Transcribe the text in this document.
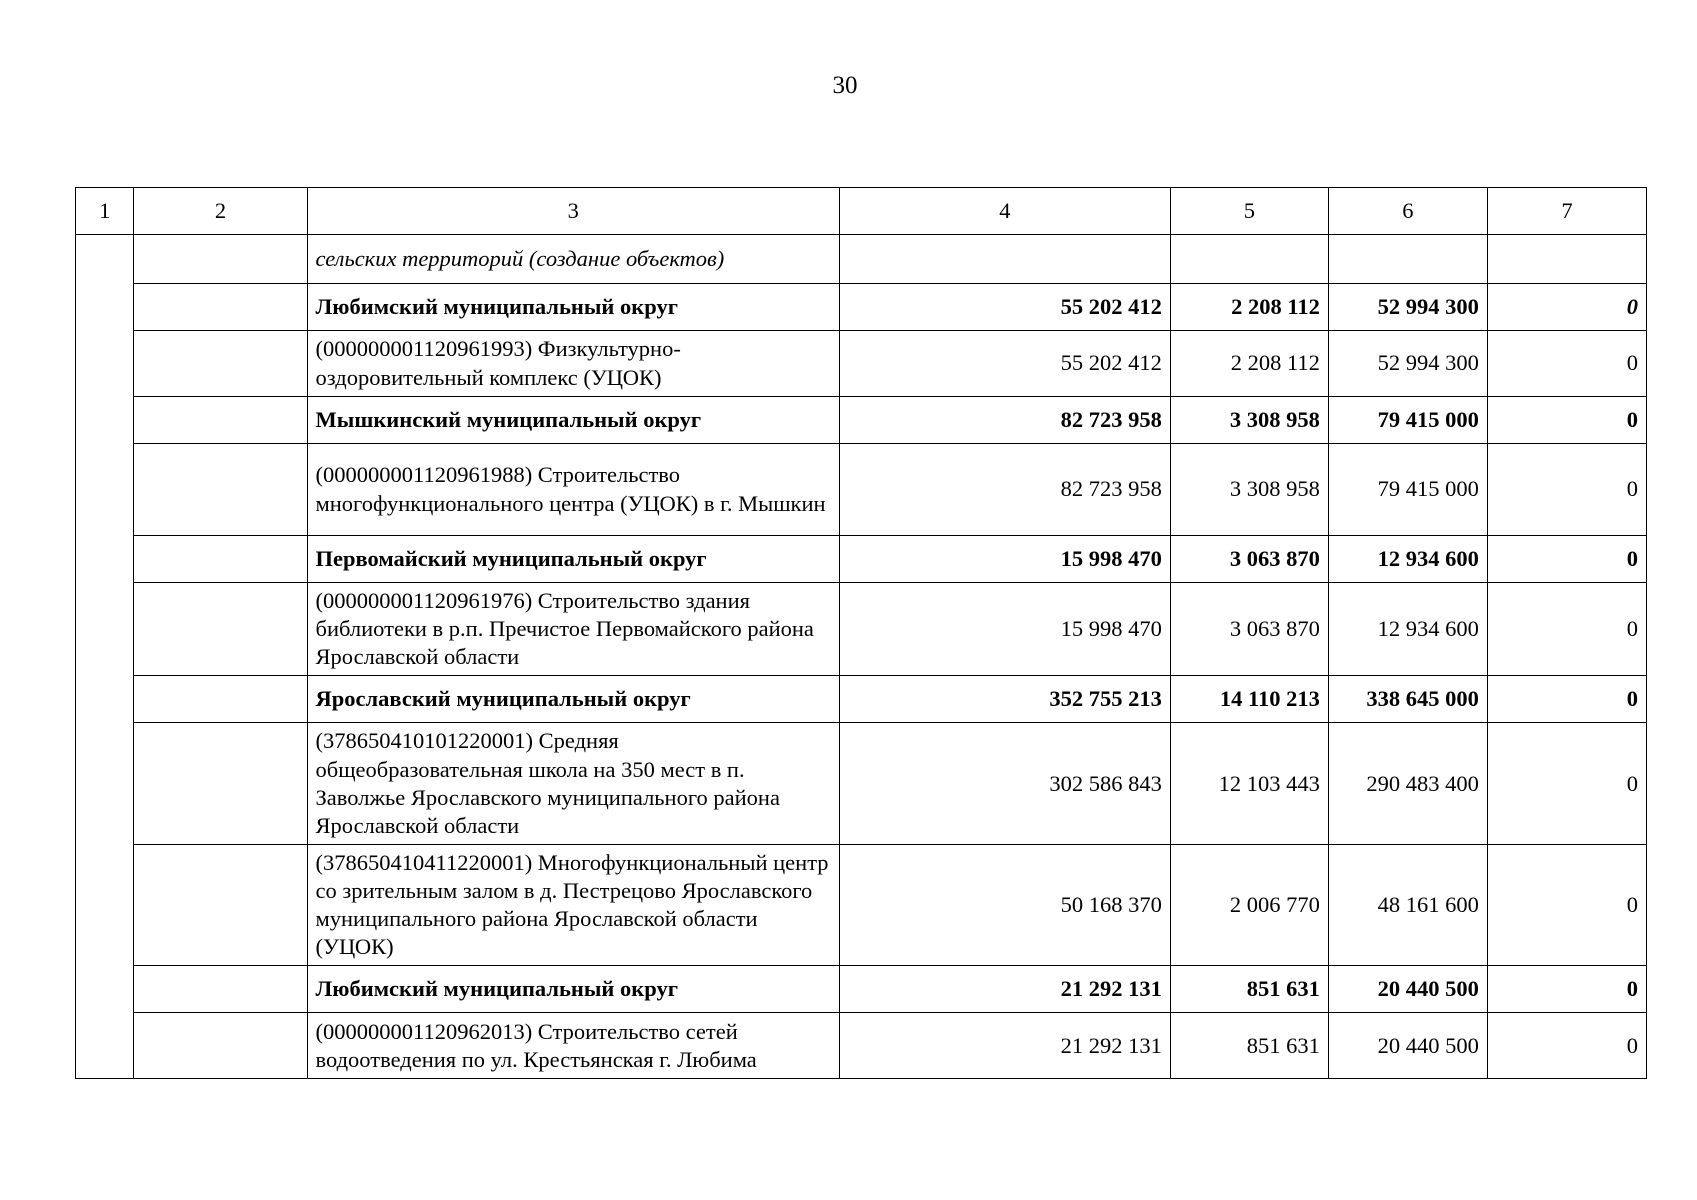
30
1	2	3	4	5	6	7
		сельских территорий (создание объектов)				
		Любимский муниципальный округ	55 202 412	2 208 112	52 994 300	0
		(000000001120961993) Физкультурно-оздоровительный комплекс (УЦОК)	55 202 412	2 208 112	52 994 300	0
		Мышкинский муниципальный округ	82 723 958	3 308 958	79 415 000	0
		(000000001120961988) Строительство многофункционального центра (УЦОК) в г. Мышкин	82 723 958	3 308 958	79 415 000	0
		Первомайский муниципальный округ	15 998 470	3 063 870	12 934 600	0
		(000000001120961976) Строительство здания библиотеки в р.п. Пречистое Первомайского района Ярославской области	15 998 470	3 063 870	12 934 600	0
		Ярославский муниципальный округ	352 755 213	14 110 213	338 645 000	0
		(378650410101220001) Средняя общеобразовательная школа на 350 мест в п. Заволжье Ярославского муниципального района Ярославской области	302 586 843	12 103 443	290 483 400	0
		(378650410411220001) Многофункциональный центр со зрительным залом в д. Пестрецово Ярославского муниципального района Ярославской области (УЦОК)	50 168 370	2 006 770	48 161 600	0
		Любимский муниципальный округ	21 292 131	851 631	20 440 500	0
		(000000001120962013) Строительство сетей водоотведения по ул. Крестьянская г. Любима	21 292 131	851 631	20 440 500	0
